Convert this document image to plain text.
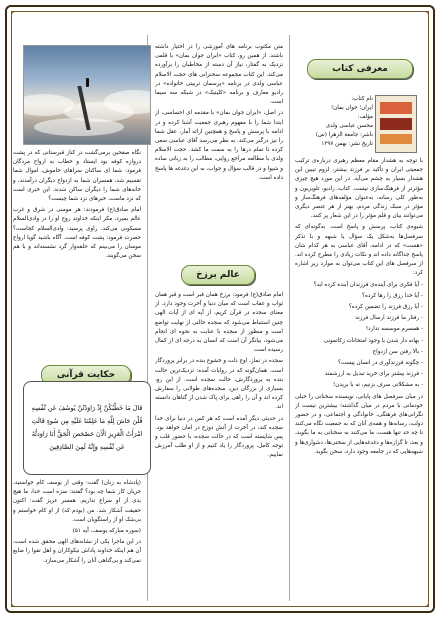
معرفی کتاب
نام کتاب:
ایران؛ جوان بمان!
مؤلف:
محسن عباسی ولدی
ناشر: جامعة الزهرا (س)
تاریخ نشر: بهمن ۱۳۹۷

با توجه به هشدار مقام معظم رهبری درباره‌ی ترکیب جمعیتی ایران و تأکید بر فرزند بیشتر، لزوم تبیین این هشدار بسیار به چشم می‌آید. در این مورد هیچ چیزی مؤثرتر از فرهنگ‌سازی نیست. کتاب، رادیو، تلویزیون و به‌طور کلی رسانه، به‌عنوان مؤلفه‌های فرهنگ‌ساز و مؤثر در سبک زندگی مردم، بهتر از هر عنصر دیگری می‌توانند بیان و قلم مؤثر را در این شعار پر کنند.

شیوه‌ی کتاب، پرسش و پاسخ است. به‌گونه‌ای که سرفصل‌ها به‌شکل یک سؤال یا شبهه و با تذکر «هست» که در ادامه، آقای عباسی به هر کدام شان پاسخ جداگانه داده اند و نکات زیادی را مطرح کرده اند. از سرفصل های این کتاب می‌توان به موارد زیر اشاره کرد:

- آیا فکری برای آینده‌ی فرزندان آینده کرده اید؟

- آیا خدا رزق را رها کرده؟

- آیا رزق فرزند را تضمین کرده؟

- رفتار ما فرزند ارسال فرزند

- همسرم موسسه ندارد!

- بهانه دار شدن یا وجود امتحانات زکاتمونی

- بالا رفتن سن ازدواج

- چگونه فرزندآوری در انسان پیست؟

- فرزند بیشتر برای خرید تبدیل به ارزشمند

- به مشکلاتی سرف بزنیم، نه با بریدن!

در میان سرفصل های پایانی، نویسنده سخنانی را خیلی خودمانی با مردم در میان گذاشته؛ بیشترین نیست از نگرانی‌های فرهنگی، خانوادگی و اجتماعی، و در حضور دولت، رسانه‌ها و همه‌ی آنان که به جمعیت نگاه می‌کنند تا چه حد تنها هست، ما می‌کنند به سخنانی به ما بگوید، و بعد، تا گزاره‌ها و دغدغه‌هایی از سختی‌ها، دشواری‌ها و شبهه‌هایی که در جامعه وجود دارد، سخن بگوید.

متن مکتوب برنامه های آموزشی را در اختیار داشته باشند. از همین رو، کتاب «ایران جوان بمان» با قلمی نزدیک به گفتار، نیاز آن دسته از مخاطبان را برآورده می‌کند. این کتاب مجموعه سخنرانی های حجت الاسلام عباسی ولدی در برنامه «پرسمان تربیتی خانواده» در رادیو معارف و برنامه «کلینیک» در شبکه سه سیما است.

در اصل، «ایران جوان بمان» با مقدمه ای احساسی، از ابتدا شما را با مفهوم رهبری جمعیت آشنا کرده و در ادامه با پرسش و پاسخ و همچنین ارائه آمار، عقل شما را نیز درگیر می‌کند. به نظر می‌رسد آقای عباسی سعی کرده تا تمام درها را به سمت ما کشد. حجت الاسلام ولدی با مطالعه مراجع روایی، مطالب را به زبانی ساده و شیوا و در قالب سؤال و جواب، به این دغدغه ها پاسخ داده است.

عالم برزخ

امام صادق(ع) فرمود: برزخ همان قبر است و قبر همان ثواب و عقاب است که میان دنیا و آخرت وجود دارد. از معنای سجده در قرآن کریم، از آیه ای از آیات الهی چنین استنباط می‌شود که سجده حالتی از نهایت تواضع است و منظور از سجده با عنایت به نحوه ای انجام می‌شود، بیانگر آن است که انسان به درجه ای از کمال رسیده است.

سجده در نماز، اوج ذلت و خشوع بنده در برابر پروردگار است. همان‌گونه که در روایات آمده: نزدیک‌ترین حالت بنده به پروردگارش، حالت سجده است. از این رو، بسیاری از بزرگان دین، سجده‌های طولانی را سفارش کرده اند و آن را راهی برای پاک شدن از گناهان دانسته اند.

در حدیثی دیگر آمده است که هر کس در دنیا برای خدا سجده کند، در آخرت از آتش دوزخ در امان خواهد بود. پس شایسته است که در حالت سجده، با حضور قلب و توجه کامل، پروردگار را یاد کنیم و از او طلب آمرزش نماییم.

نگاه صفحین برمی‌گشت در کنار قبرستانی که در پشت دروازه کوفه بود ایستاد و خطاب به ارواح مردگان فرمود: شما ای ساکنان سراهای خاموش، اموال شما تقسیم شد، همسران شما به ازدواج دیگران درآمدند، و خانه‌های شما را دیگران ساکن شدند. این خبری است که نزد ماست، خبرهای نزد شما چیست؟

امام صادق(ع) فرمودند: هر مومنی در شرق و غرب عالم بمیرد، مکر اینکه خداوند روح او را در وادی‌السلام مسکونی می‌کند. راوی پرسید: وادی‌السلام کجاست؟ حضرت فرمود: پشت کوفه است. آگاه باشید گویا ارواح مومنان را می‌بینم که حلقه‌وار گرد نشسته‌اند و با هم سخن می‌گویند.

حکایت قرآنی
قَالَ مَا خَطْبُكُنَّ إِذْ رَاوَدْتُنَّ يُوسُفَ عَن نَّفْسِهِ قُلْنَ حَاشَ لِلَّهِ مَا عَلِمْنَا عَلَيْهِ مِن سُوءٍ قَالَتِ امْرَأَتُ الْعَزِيزِ الْآنَ حَصْحَصَ الْحَقُّ أَنَا رَاوَدتُّهُ عَن نَّفْسِهِ وَإِنَّهُ لَمِنَ الصَّادِقِينَ

(پادشاه به زنان) گفت: وقتی از یوسف کام خواستید، جریان کار شما چه بود؟ گفتند: منزه است خدا، ما هیچ بدی از او سراغ نداریم. همسر عزیز گفت: اکنون حقیقت آشکار شد. من (بودم که) از او کام خواستم و بی‌شک او از راستگویان است.

(سوره مبارکه یوسف، آیه ۵۱)

در این ماجرا یکی از نشانه‌های الهی محقق شده است، آن هم اینکه خداوند پاداش نیکوکاران و اهل تقوا را ضایع نمی‌کند و بی‌گناهی آنان را آشکار می‌سازد.
